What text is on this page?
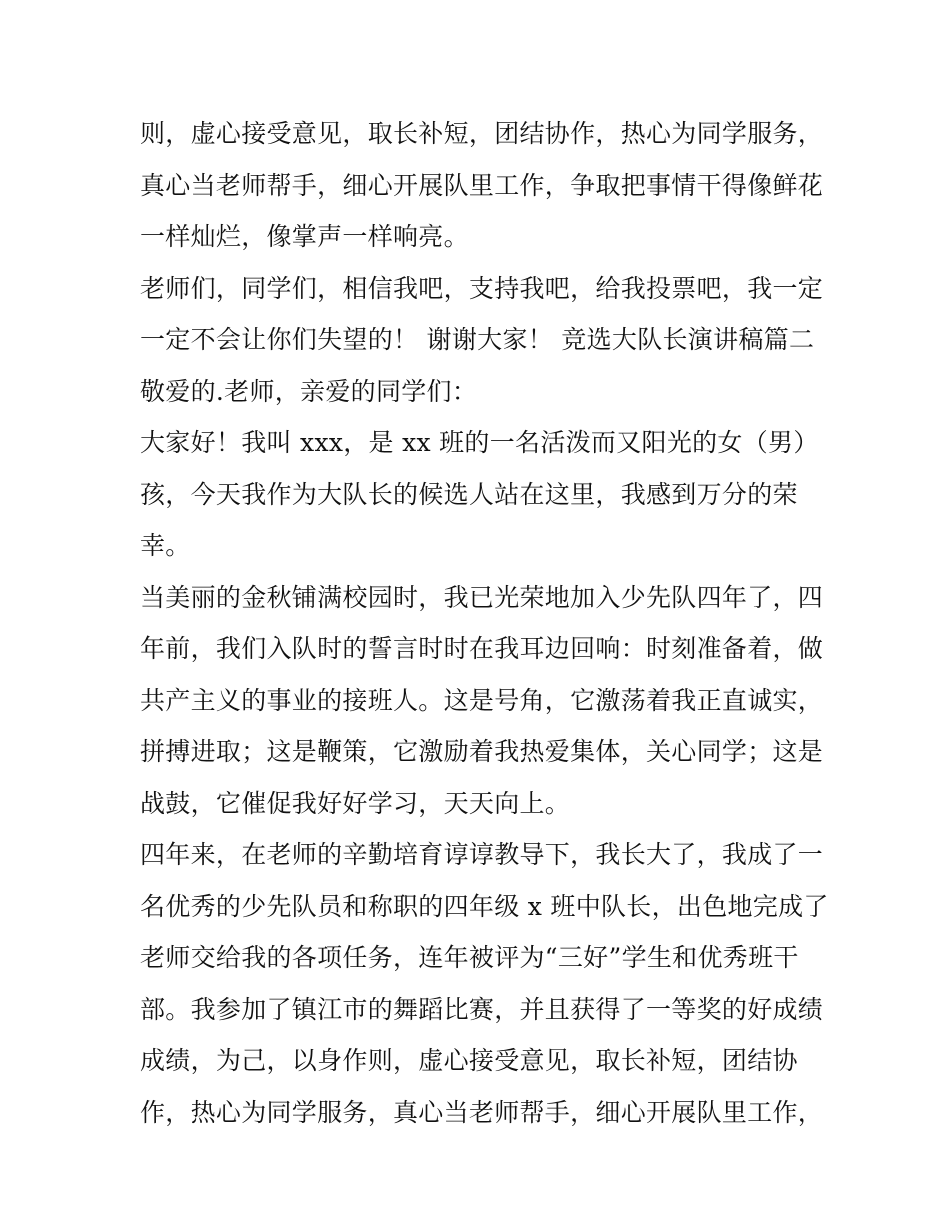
则，虚心接受意见，取长补短，团结协作，热心为同学服务，
真心当老师帮手，细心开展队里工作，争取把事情干得像鲜花
一样灿烂，像掌声一样响亮。
老师们，同学们，相信我吧，支持我吧，给我投票吧，我一定
一定不会让你们失望的！ 谢谢大家！ 竞选大队长演讲稿篇二
敬爱的.老师，亲爱的同学们：
大家好！我叫 xxx，是 xx 班的一名活泼而又阳光的女（男）
孩，今天我作为大队长的候选人站在这里，我感到万分的荣
幸。
当美丽的金秋铺满校园时，我已光荣地加入少先队四年了，四
年前，我们入队时的誓言时时在我耳边回响：时刻准备着，做
共产主义的事业的接班人。这是号角，它激荡着我正直诚实，
拼搏进取；这是鞭策，它激励着我热爱集体，关心同学；这是
战鼓，它催促我好好学习，天天向上。
四年来，在老师的辛勤培育谆谆教导下，我长大了，我成了一
名优秀的少先队员和称职的四年级 x 班中队长，出色地完成了
老师交给我的各项任务，连年被评为“三好”学生和优秀班干
部。我参加了镇江市的舞蹈比赛，并且获得了一等奖的好成绩
成绩，为己，以身作则，虚心接受意见，取长补短，团结协
作，热心为同学服务，真心当老师帮手，细心开展队里工作，
